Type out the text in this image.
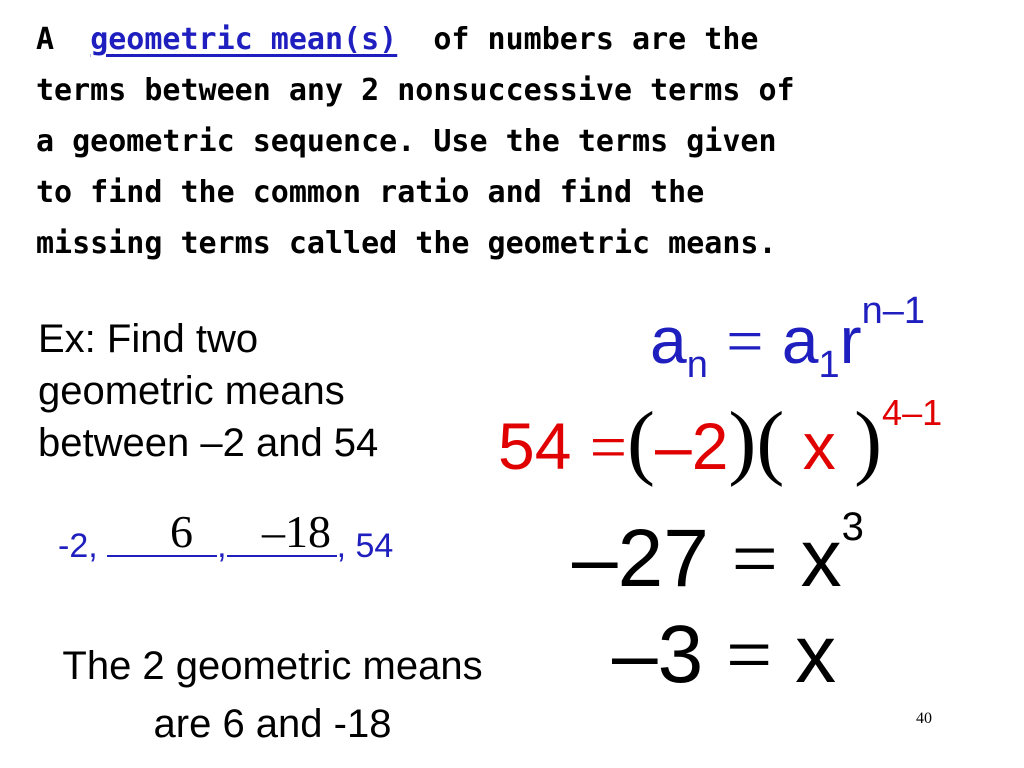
A geometric mean(s) of numbers are the
terms between any 2 nonsuccessive terms of
a geometric sequence. Use the terms given
to find the common ratio and find the
missing terms called the geometric means.
Ex: Find two
geometric means
between –2 and 54
-2,	,	, 54
6 –18
$a_n = a_1r^{n-1}$
54 =(–2)( x )$^{4-1}$
$-27 = x^3$
–3 = x
The 2 geometric means
are 6 and -18	40
